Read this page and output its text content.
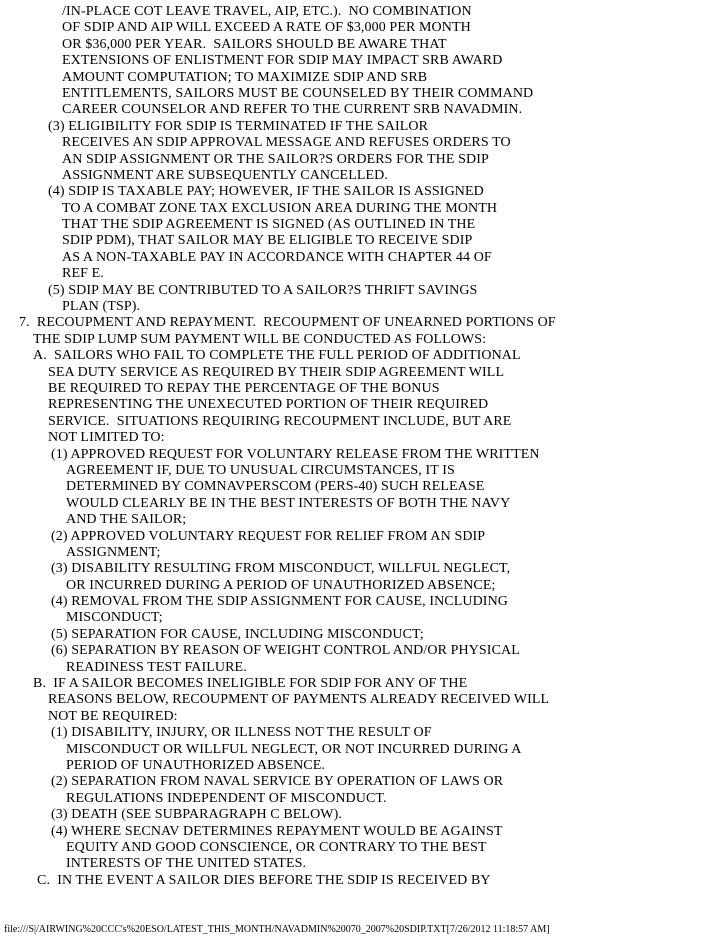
/IN-PLACE COT LEAVE TRAVEL, AIP, ETC.).  NO COMBINATION
OF SDIP AND AIP WILL EXCEED A RATE OF $3,000 PER MONTH
OR $36,000 PER YEAR.  SAILORS SHOULD BE AWARE THAT
EXTENSIONS OF ENLISTMENT FOR SDIP MAY IMPACT SRB AWARD
AMOUNT COMPUTATION; TO MAXIMIZE SDIP AND SRB
ENTITLEMENTS, SAILORS MUST BE COUNSELED BY THEIR COMMAND
CAREER COUNSELOR AND REFER TO THE CURRENT SRB NAVADMIN.
(3) ELIGIBILITY FOR SDIP IS TERMINATED IF THE SAILOR
RECEIVES AN SDIP APPROVAL MESSAGE AND REFUSES ORDERS TO
AN SDIP ASSIGNMENT OR THE SAILOR?S ORDERS FOR THE SDIP
ASSIGNMENT ARE SUBSEQUENTLY CANCELLED.
(4) SDIP IS TAXABLE PAY; HOWEVER, IF THE SAILOR IS ASSIGNED
TO A COMBAT ZONE TAX EXCLUSION AREA DURING THE MONTH
THAT THE SDIP AGREEMENT IS SIGNED (AS OUTLINED IN THE
SDIP PDM), THAT SAILOR MAY BE ELIGIBLE TO RECEIVE SDIP
AS A NON-TAXABLE PAY IN ACCORDANCE WITH CHAPTER 44 OF
REF E.
(5) SDIP MAY BE CONTRIBUTED TO A SAILOR?S THRIFT SAVINGS
PLAN (TSP).
7.  RECOUPMENT AND REPAYMENT.  RECOUPMENT OF UNEARNED PORTIONS OF
THE SDIP LUMP SUM PAYMENT WILL BE CONDUCTED AS FOLLOWS:
A.  SAILORS WHO FAIL TO COMPLETE THE FULL PERIOD OF ADDITIONAL
SEA DUTY SERVICE AS REQUIRED BY THEIR SDIP AGREEMENT WILL
BE REQUIRED TO REPAY THE PERCENTAGE OF THE BONUS
REPRESENTING THE UNEXECUTED PORTION OF THEIR REQUIRED
SERVICE.  SITUATIONS REQUIRING RECOUPMENT INCLUDE, BUT ARE
NOT LIMITED TO:
(1) APPROVED REQUEST FOR VOLUNTARY RELEASE FROM THE WRITTEN
AGREEMENT IF, DUE TO UNUSUAL CIRCUMSTANCES, IT IS
DETERMINED BY COMNAVPERSCOM (PERS-40) SUCH RELEASE
WOULD CLEARLY BE IN THE BEST INTERESTS OF BOTH THE NAVY
AND THE SAILOR;
(2) APPROVED VOLUNTARY REQUEST FOR RELIEF FROM AN SDIP
ASSIGNMENT;
(3) DISABILITY RESULTING FROM MISCONDUCT, WILLFUL NEGLECT,
OR INCURRED DURING A PERIOD OF UNAUTHORIZED ABSENCE;
(4) REMOVAL FROM THE SDIP ASSIGNMENT FOR CAUSE, INCLUDING
MISCONDUCT;
(5) SEPARATION FOR CAUSE, INCLUDING MISCONDUCT;
(6) SEPARATION BY REASON OF WEIGHT CONTROL AND/OR PHYSICAL
READINESS TEST FAILURE.
B.  IF A SAILOR BECOMES INELIGIBLE FOR SDIP FOR ANY OF THE
REASONS BELOW, RECOUPMENT OF PAYMENTS ALREADY RECEIVED WILL
NOT BE REQUIRED:
(1) DISABILITY, INJURY, OR ILLNESS NOT THE RESULT OF
MISCONDUCT OR WILLFUL NEGLECT, OR NOT INCURRED DURING A
PERIOD OF UNAUTHORIZED ABSENCE.
(2) SEPARATION FROM NAVAL SERVICE BY OPERATION OF LAWS OR
REGULATIONS INDEPENDENT OF MISCONDUCT.
(3) DEATH (SEE SUBPARAGRAPH C BELOW).
(4) WHERE SECNAV DETERMINES REPAYMENT WOULD BE AGAINST
EQUITY AND GOOD CONSCIENCE, OR CONTRARY TO THE BEST
INTERESTS OF THE UNITED STATES.
C.  IN THE EVENT A SAILOR DIES BEFORE THE SDIP IS RECEIVED BY
file:///S|/AIRWING%20CCC's%20ESO/LATEST_THIS_MONTH/NAVADMIN%20070_2007%20SDIP.TXT[7/26/2012 11:18:57 AM]
